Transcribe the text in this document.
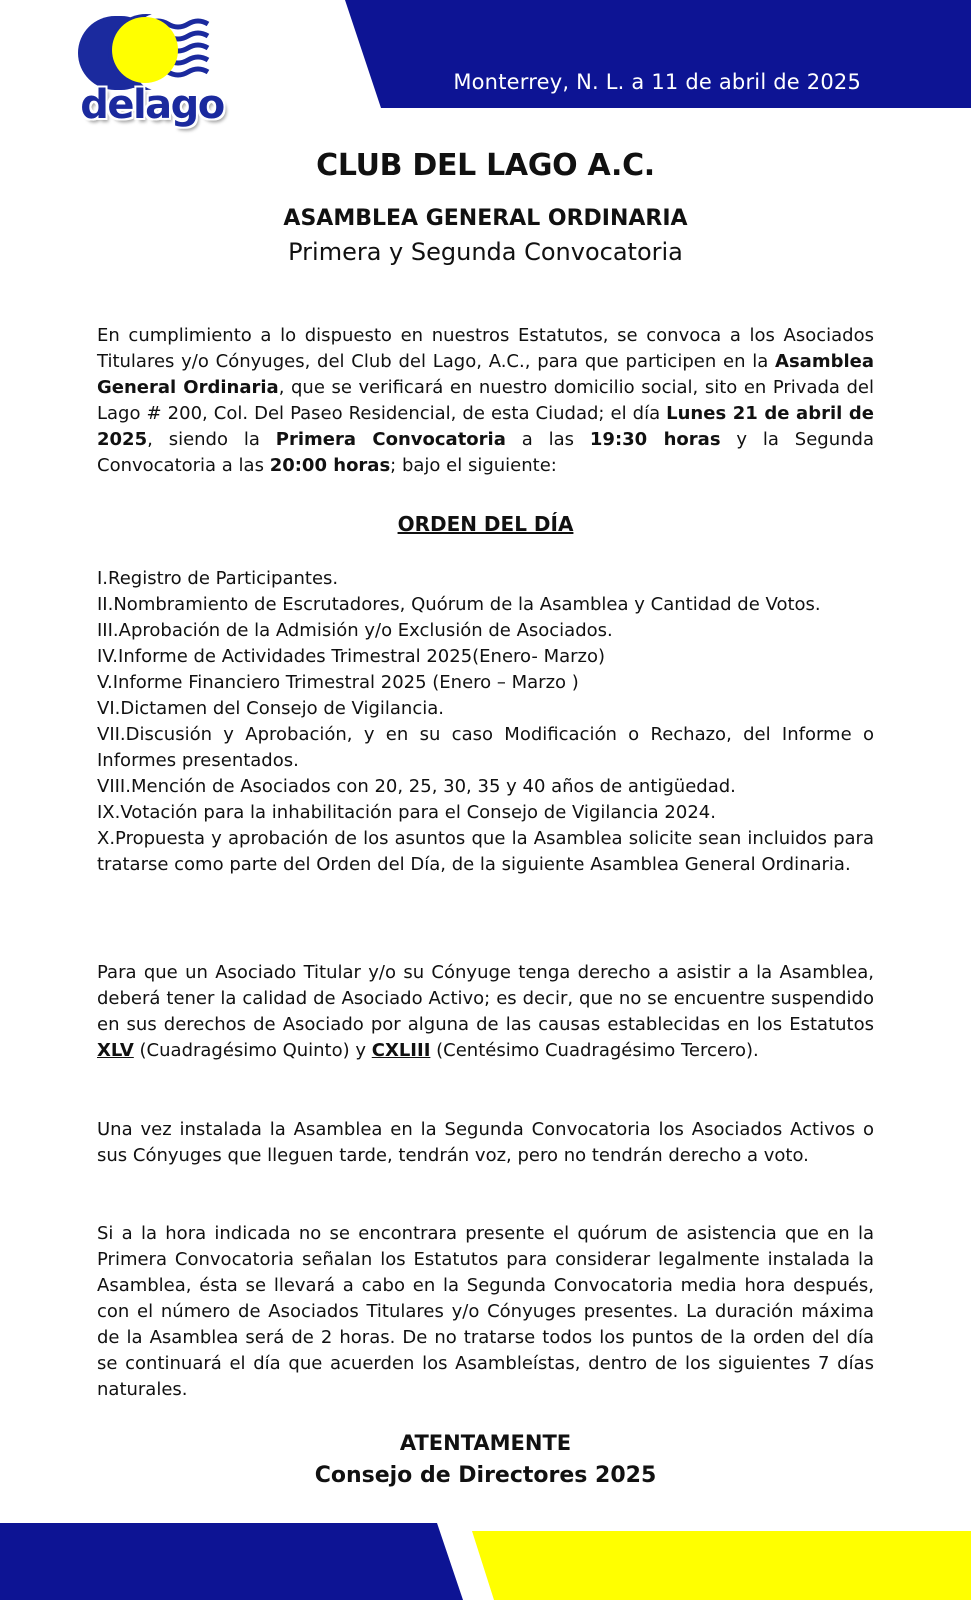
Monterrey, N. L. a 11 de abril de 2025
delago
CLUB DEL LAGO A.C.
ASAMBLEA GENERAL ORDINARIA
Primera y Segunda Convocatoria
En cumplimiento a lo dispuesto en nuestros Estatutos, se convoca a los Asociados Titulares y/o Cónyuges, del Club del Lago, A.C., para que participen en la Asamblea General Ordinaria, que se verificará en nuestro domicilio social, sito en Privada del Lago # 200, Col. Del Paseo Residencial, de esta Ciudad; el día Lunes 21 de abril de 2025, siendo la Primera Convocatoria a las 19:30 horas y la Segunda Convocatoria a las 20:00 horas; bajo el siguiente:
ORDEN DEL DÍA
I.Registro de Participantes.
II.Nombramiento de Escrutadores, Quórum de la Asamblea y Cantidad de Votos.
III.Aprobación de la Admisión y/o Exclusión de Asociados.
IV.Informe de Actividades Trimestral 2025(Enero- Marzo)
V.Informe Financiero Trimestral 2025 (Enero – Marzo )
VI.Dictamen del Consejo de Vigilancia.
VII.Discusión y Aprobación, y en su caso Modificación o Rechazo, del Informe o Informes presentados.
VIII.Mención de Asociados con 20, 25, 30, 35 y 40 años de antigüedad.
IX.Votación para la inhabilitación para el Consejo de Vigilancia 2024.
X.Propuesta y aprobación de los asuntos que la Asamblea solicite sean incluidos para tratarse como parte del Orden del Día, de la siguiente Asamblea General Ordinaria.
Para que un Asociado Titular y/o su Cónyuge tenga derecho a asistir a la Asamblea, deberá tener la calidad de Asociado Activo; es decir, que no se encuentre suspendido en sus derechos de Asociado por alguna de las causas establecidas en los Estatutos XLV (Cuadragésimo Quinto) y CXLIII (Centésimo Cuadragésimo Tercero).
Una vez instalada la Asamblea en la Segunda Convocatoria los Asociados Activos o sus Cónyuges que lleguen tarde, tendrán voz, pero no tendrán derecho a voto.
Si a la hora indicada no se encontrara presente el quórum de asistencia que en la Primera Convocatoria señalan los Estatutos para considerar legalmente instalada la Asamblea, ésta se llevará a cabo en la Segunda Convocatoria media hora después, con el número de Asociados Titulares y/o Cónyuges presentes. La duración máxima de la Asamblea será de 2 horas. De no tratarse todos los puntos de la orden del día se continuará el día que acuerden los Asambleístas, dentro de los siguientes 7 días naturales.
ATENTAMENTE
Consejo de Directores 2025
